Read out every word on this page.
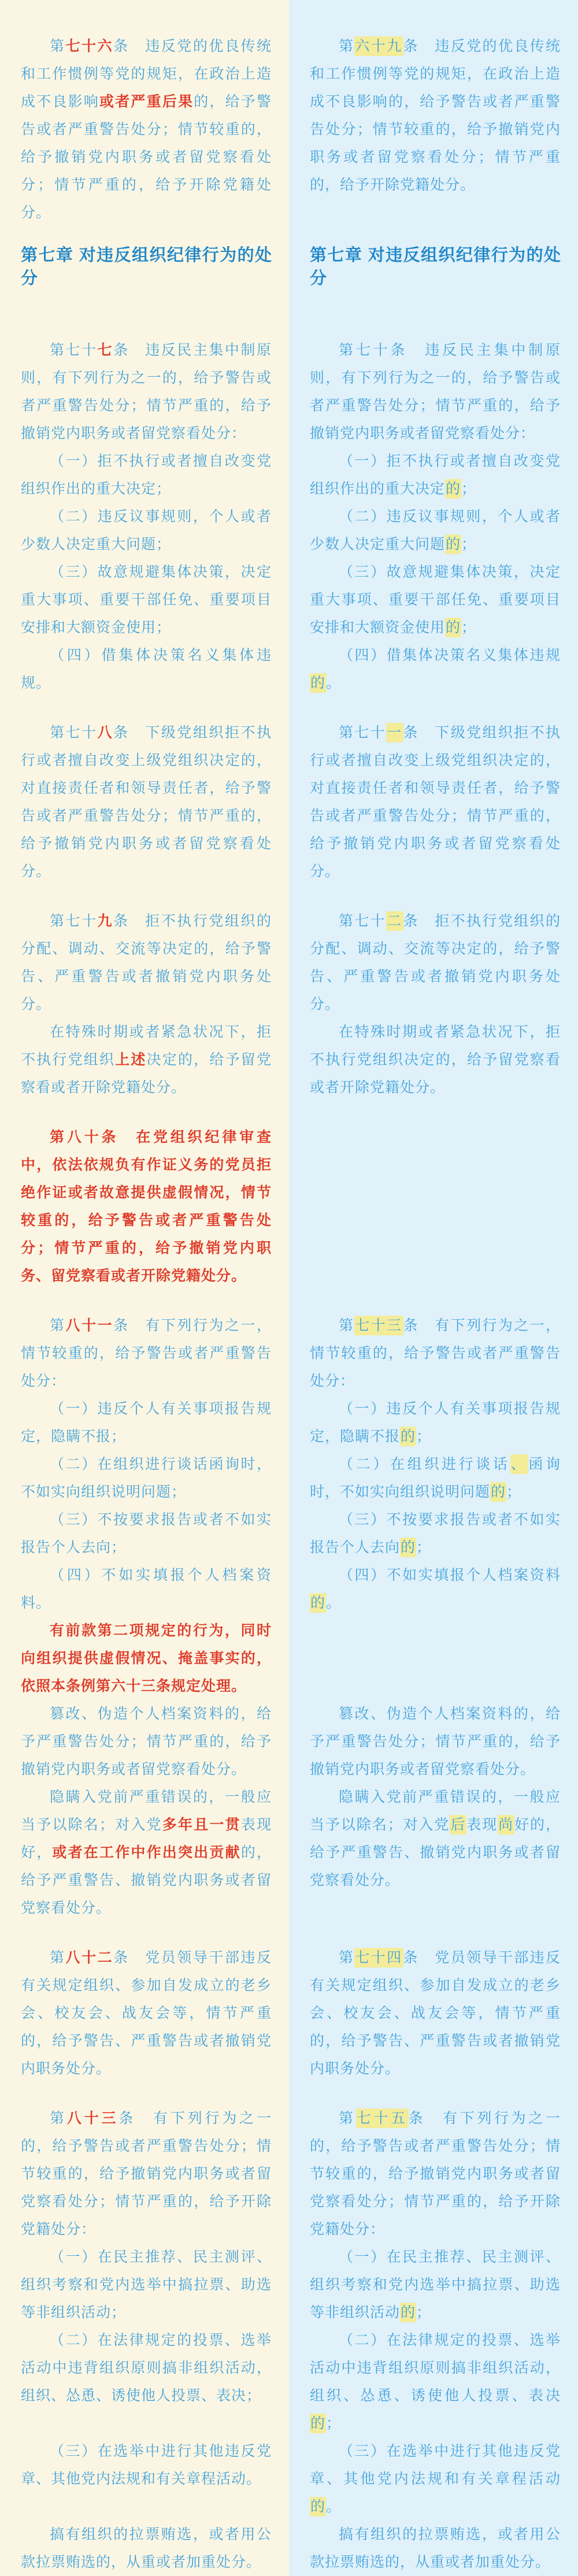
第七十六条　违反党的优良传统和工作惯例等党的规矩，在政治上造成不良影响或者严重后果的，给予警告或者严重警告处分；情节较重的，给予撤销党内职务或者留党察看处分；情节严重的，给予开除党籍处分。

第六十九条　违反党的优良传统和工作惯例等党的规矩，在政治上造成不良影响的，给予警告或者严重警告处分；情节较重的，给予撤销党内职务或者留党察看处分；情节严重的，给予开除党籍处分。

第七章 对违反组织纪律行为的处分

第七章 对违反组织纪律行为的处分

第七十七条　违反民主集中制原则，有下列行为之一的，给予警告或者严重警告处分；情节严重的，给予撤销党内职务或者留党察看处分：

第七十条　违反民主集中制原则，有下列行为之一的，给予警告或者严重警告处分；情节严重的，给予撤销党内职务或者留党察看处分：

（一）拒不执行或者擅自改变党组织作出的重大决定；

（一）拒不执行或者擅自改变党组织作出的重大决定的；

（二）违反议事规则，个人或者少数人决定重大问题；

（二）违反议事规则，个人或者少数人决定重大问题的；

（三）故意规避集体决策，决定重大事项、重要干部任免、重要项目安排和大额资金使用；

（三）故意规避集体决策，决定重大事项、重要干部任免、重要项目安排和大额资金使用的；

（四）借集体决策名义集体违规。

（四）借集体决策名义集体违规的。

第七十八条　下级党组织拒不执行或者擅自改变上级党组织决定的，对直接责任者和领导责任者，给予警告或者严重警告处分；情节严重的，给予撤销党内职务或者留党察看处分。

第七十一条　下级党组织拒不执行或者擅自改变上级党组织决定的，对直接责任者和领导责任者，给予警告或者严重警告处分；情节严重的，给予撤销党内职务或者留党察看处分。

第七十九条　拒不执行党组织的分配、调动、交流等决定的，给予警告、严重警告或者撤销党内职务处分。

第七十二条　拒不执行党组织的分配、调动、交流等决定的，给予警告、严重警告或者撤销党内职务处分。

在特殊时期或者紧急状况下，拒不执行党组织上述决定的，给予留党察看或者开除党籍处分。

在特殊时期或者紧急状况下，拒不执行党组织决定的，给予留党察看或者开除党籍处分。

第八十条　在党组织纪律审查中，依法依规负有作证义务的党员拒绝作证或者故意提供虚假情况，情节较重的，给予警告或者严重警告处分；情节严重的，给予撤销党内职务、留党察看或者开除党籍处分。

第八十一条　有下列行为之一，情节较重的，给予警告或者严重警告处分：

第七十三条　有下列行为之一，情节较重的，给予警告或者严重警告处分：

（一）违反个人有关事项报告规定，隐瞒不报；

（一）违反个人有关事项报告规定，隐瞒不报的；

（二）在组织进行谈话函询时，不如实向组织说明问题；

（二）在组织进行谈话、函询时，不如实向组织说明问题的；

（三）不按要求报告或者不如实报告个人去向；

（三）不按要求报告或者不如实报告个人去向的；

（四）不如实填报个人档案资料。

（四）不如实填报个人档案资料的。

有前款第二项规定的行为，同时向组织提供虚假情况、掩盖事实的，依照本条例第六十三条规定处理。

篡改、伪造个人档案资料的，给予严重警告处分；情节严重的，给予撤销党内职务或者留党察看处分。

篡改、伪造个人档案资料的，给予严重警告处分；情节严重的，给予撤销党内职务或者留党察看处分。

隐瞒入党前严重错误的，一般应当予以除名；对入党多年且一贯表现好，或者在工作中作出突出贡献的，给予严重警告、撤销党内职务或者留党察看处分。

隐瞒入党前严重错误的，一般应当予以除名；对入党后表现尚好的，给予严重警告、撤销党内职务或者留党察看处分。

第八十二条　党员领导干部违反有关规定组织、参加自发成立的老乡会、校友会、战友会等，情节严重的，给予警告、严重警告或者撤销党内职务处分。

第七十四条　党员领导干部违反有关规定组织、参加自发成立的老乡会、校友会、战友会等，情节严重的，给予警告、严重警告或者撤销党内职务处分。

第八十三条　有下列行为之一的，给予警告或者严重警告处分；情节较重的，给予撤销党内职务或者留党察看处分；情节严重的，给予开除党籍处分：

第七十五条　有下列行为之一的，给予警告或者严重警告处分；情节较重的，给予撤销党内职务或者留党察看处分；情节严重的，给予开除党籍处分：

（一）在民主推荐、民主测评、组织考察和党内选举中搞拉票、助选等非组织活动；

（一）在民主推荐、民主测评、组织考察和党内选举中搞拉票、助选等非组织活动的；

（二）在法律规定的投票、选举活动中违背组织原则搞非组织活动，组织、怂恿、诱使他人投票、表决；

（二）在法律规定的投票、选举活动中违背组织原则搞非组织活动，组织、怂恿、诱使他人投票、表决的；

（三）在选举中进行其他违反党章、其他党内法规和有关章程活动。

（三）在选举中进行其他违反党章、其他党内法规和有关章程活动的。

搞有组织的拉票贿选，或者用公款拉票贿选的，从重或者加重处分。

搞有组织的拉票贿选，或者用公款拉票贿选的，从重或者加重处分。
